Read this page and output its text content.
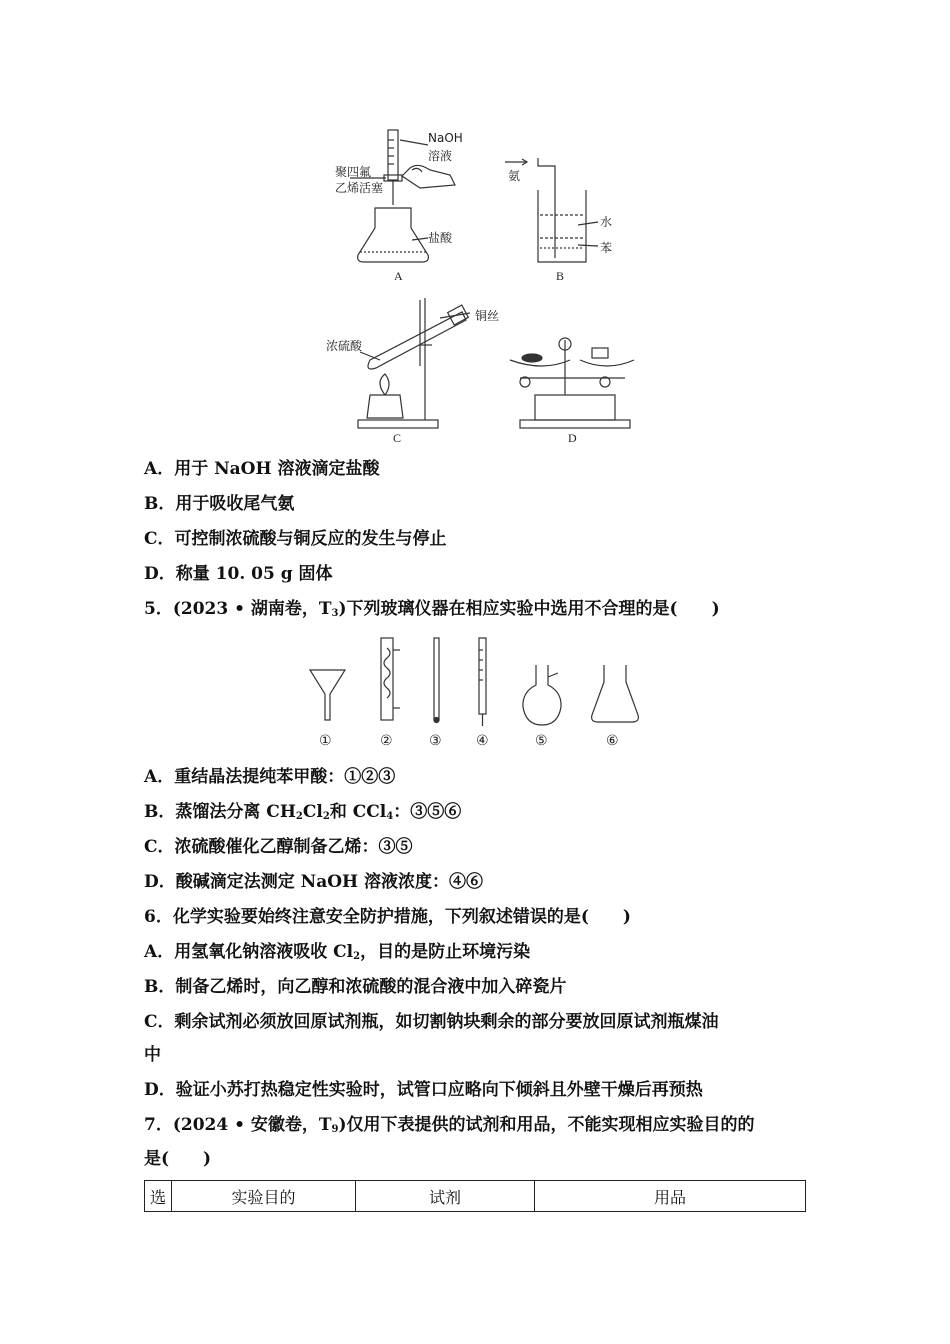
NaOH
溶液
聚四氟
乙烯活塞
盐酸
A
氨
水
苯
B
铜丝
浓硫酸
C	D
A．用于 NaOH 溶液滴定盐酸
B．用于吸收尾气氨
C．可控制浓硫酸与铜反应的发生与停止
D．称量 10. 05 g 固体
5．(2023 • 湖南卷，$T_3$)下列玻璃仪器在相应实验中选用不合理的是(　　)
①	②	③ ④	⑤	⑥
A．重结晶法提纯苯甲酸：①②③
B．蒸馏法分离 $CH_2Cl_2$和 CCl$_4$：③⑤⑥
C．浓硫酸催化乙醇制备乙烯：③⑤
D．酸碱滴定法测定 NaOH 溶液浓度：④⑥
6．化学实验要始终注意安全防护措施，下列叙述错误的是(　　)
A．用氢氧化钠溶液吸收 $Cl_2$，目的是防止环境污染
B．制备乙烯时，向乙醇和浓硫酸的混合液中加入碎瓷片
C．剩余试剂必须放回原试剂瓶，如切割钠块剩余的部分要放回原试剂瓶煤油
中
D．验证小苏打热稳定性实验时，试管口应略向下倾斜且外壁干燥后再预热
7．(2024 • 安徽卷，$T_9$)仅用下表提供的试剂和用品，不能实现相应实验目的的
是(　　)
选	实验目的	试剂	用品
